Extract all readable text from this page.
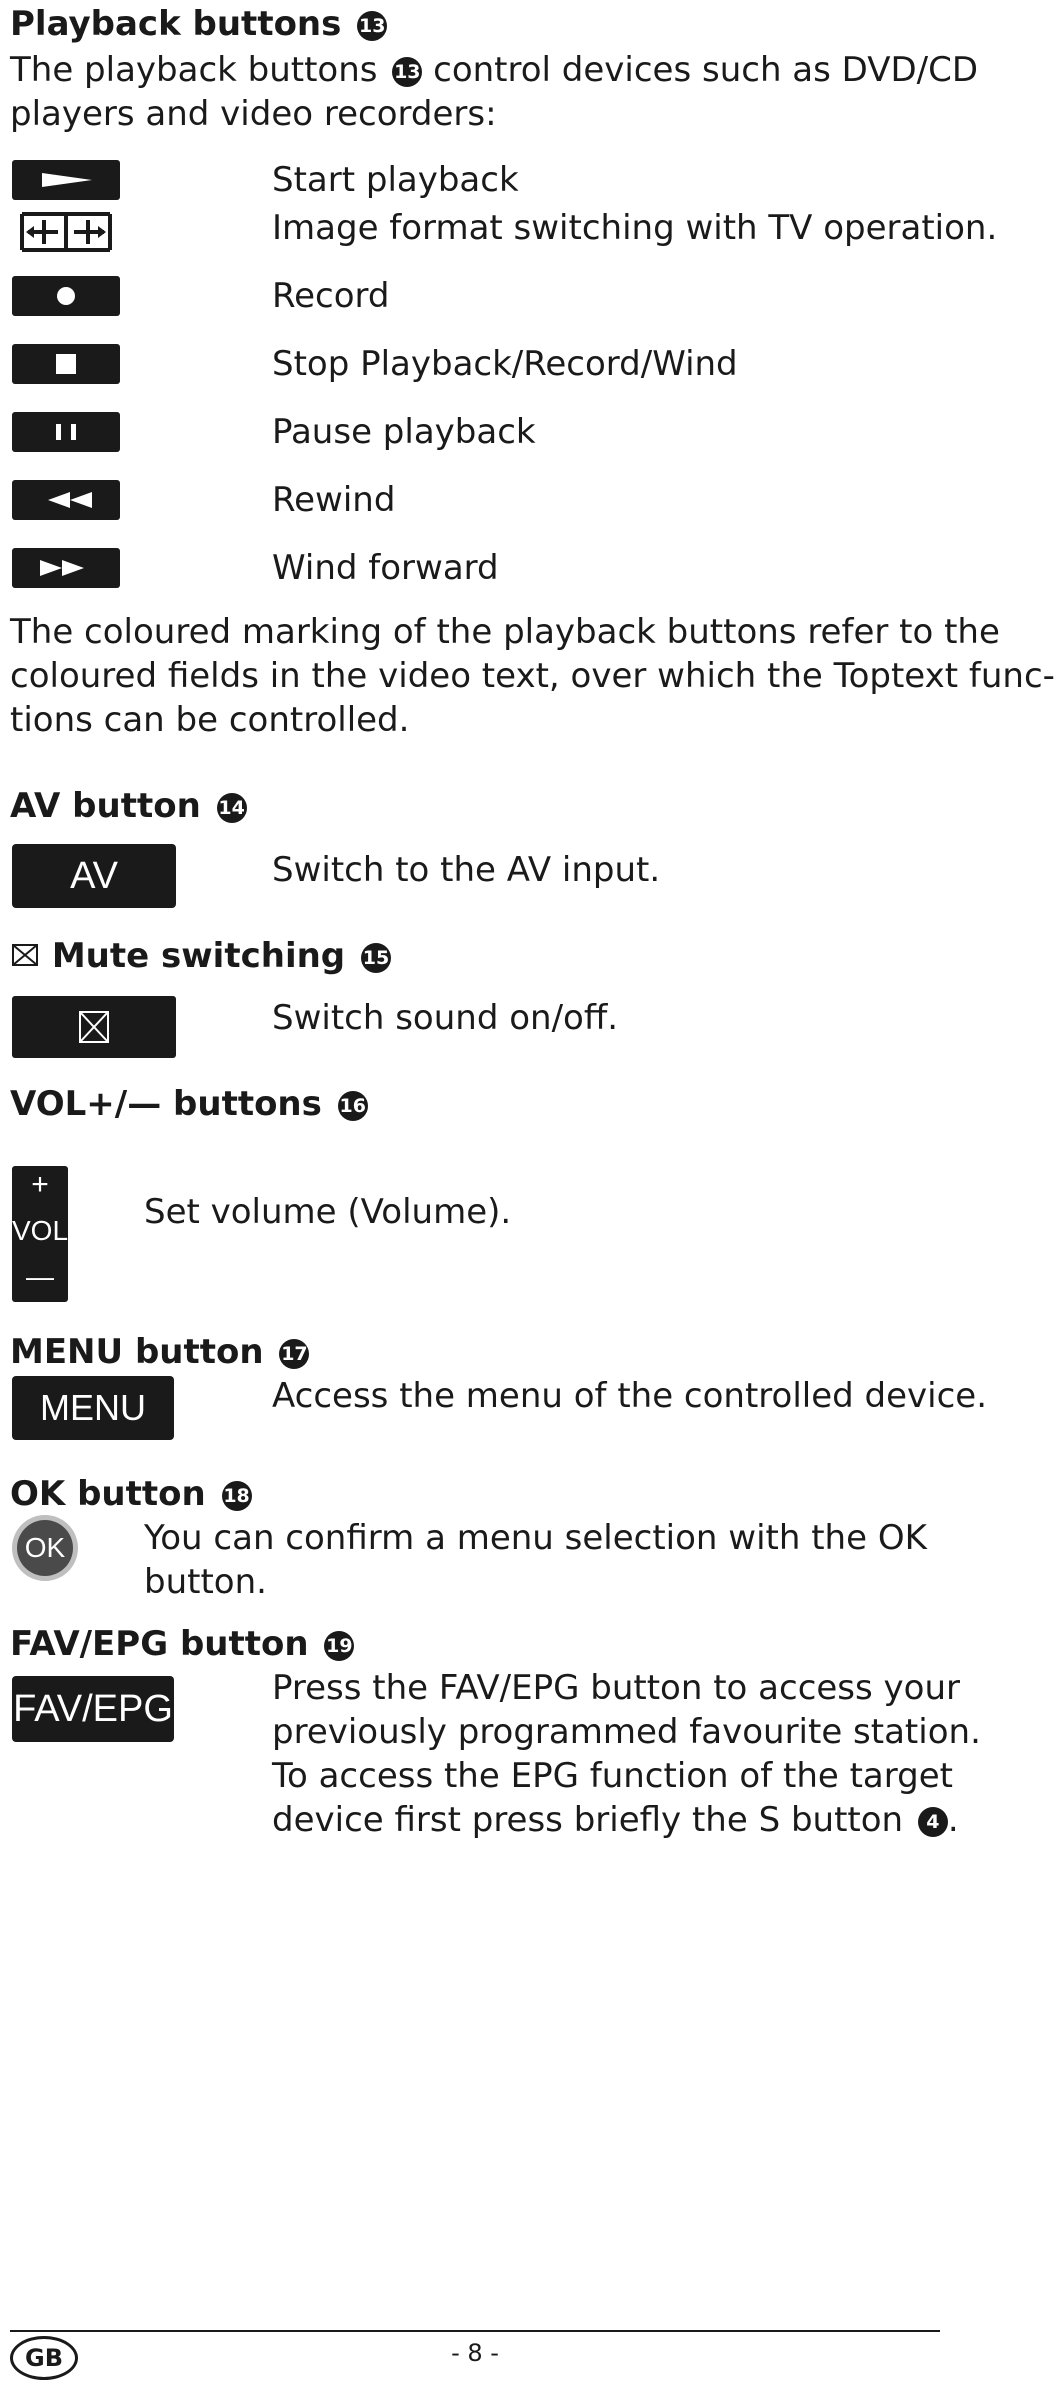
Playback buttons 13
The playback buttons 13 control devices such as DVD/CD
players and video recorders:
Start playback
Image format switching with TV operation.
Record
Stop Playback/Record/Wind
Pause playback
Rewind
Wind forward
The coloured marking of the playback buttons refer to the
coloured fields in the video text, over which the Toptext func-
tions can be controlled.
AV button 14
AV	Switch to the AV input.
Mute switching 15
Switch sound on/off.
VOL+/— buttons 16
+
VOL
—
Set volume (Volume).
MENU button 17
MENU	Access the menu of the controlled device.
OK button 18
OK You can confirm a menu selection with the OK
button.
FAV/EPG button 19
FAV/EPG	Press the FAV/EPG button to access your
previously programmed favourite station.
To access the EPG function of the target
device first press briefly the S button 4 .
GB	- 8 -
